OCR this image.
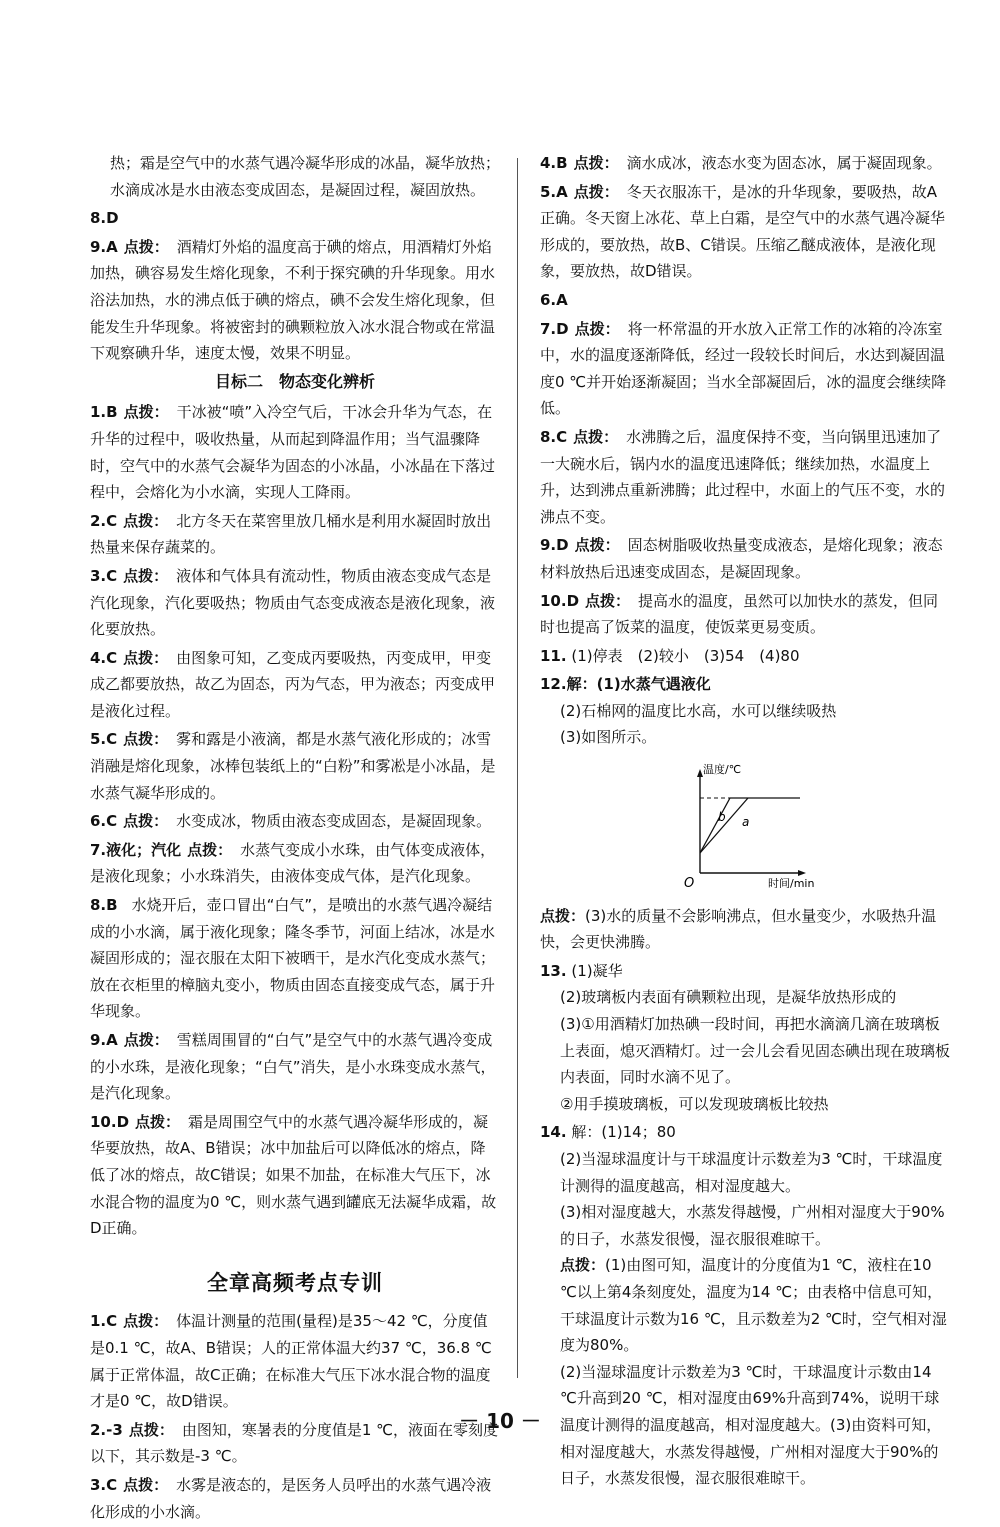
热；霜是空气中的水蒸气遇冷凝华形成的冰晶，凝华放热；水滴成冰是水由液态变成固态，是凝固过程，凝固放热。
8.D
9.A 点拨： 酒精灯外焰的温度高于碘的熔点，用酒精灯外焰加热，碘容易发生熔化现象，不利于探究碘的升华现象。用水浴法加热，水的沸点低于碘的熔点，碘不会发生熔化现象，但能发生升华现象。将被密封的碘颗粒放入冰水混合物或在常温下观察碘升华，速度太慢，效果不明显。
目标二　物态变化辨析
1.B 点拨： 干冰被“喷”入冷空气后，干冰会升华为气态，在升华的过程中，吸收热量，从而起到降温作用；当气温骤降时，空气中的水蒸气会凝华为固态的小冰晶，小冰晶在下落过程中，会熔化为小水滴，实现人工降雨。
2.C 点拨： 北方冬天在菜窖里放几桶水是利用水凝固时放出热量来保存蔬菜的。
3.C 点拨： 液体和气体具有流动性，物质由液态变成气态是汽化现象，汽化要吸热；物质由气态变成液态是液化现象，液化要放热。
4.C 点拨： 由图象可知，乙变成丙要吸热，丙变成甲，甲变成乙都要放热，故乙为固态，丙为气态，甲为液态；丙变成甲是液化过程。
5.C 点拨： 雾和露是小液滴，都是水蒸气液化形成的；冰雪消融是熔化现象，冰棒包装纸上的“白粉”和雾凇是小冰晶，是水蒸气凝华形成的。
6.C 点拨： 水变成冰，物质由液态变成固态，是凝固现象。
7.液化；汽化 点拨： 水蒸气变成小水珠，由气体变成液体，是液化现象；小水珠消失，由液体变成气体，是汽化现象。
8.B 水烧开后，壶口冒出“白气”，是喷出的水蒸气遇冷凝结成的小水滴，属于液化现象；隆冬季节，河面上结冰，冰是水凝固形成的；湿衣服在太阳下被晒干，是水汽化变成水蒸气；放在衣柜里的樟脑丸变小，物质由固态直接变成气态，属于升华现象。
9.A 点拨： 雪糕周围冒的“白气”是空气中的水蒸气遇冷变成的小水珠，是液化现象；“白气”消失，是小水珠变成水蒸气，是汽化现象。
10.D 点拨： 霜是周围空气中的水蒸气遇冷凝华形成的，凝华要放热，故A、B错误；冰中加盐后可以降低冰的熔点，降低了冰的熔点，故C错误；如果不加盐，在标准大气压下，冰水混合物的温度为0 ℃，则水蒸气遇到罐底无法凝华成霜，故D正确。
全章高频考点专训
1.C 点拨： 体温计测量的范围(量程)是35～42 ℃，分度值是0.1 ℃，故A、B错误；人的正常体温大约37 ℃，36.8 ℃属于正常体温，故C正确；在标准大气压下冰水混合物的温度才是0 ℃，故D错误。
2.-3 点拨： 由图知，寒暑表的分度值是1 ℃，液面在零刻度以下，其示数是-3 ℃。
3.C 点拨： 水雾是液态的，是医务人员呼出的水蒸气遇冷液化形成的小水滴。
4.B 点拨： 滴水成冰，液态水变为固态冰，属于凝固现象。
5.A 点拨： 冬天衣服冻干，是冰的升华现象，要吸热，故A正确。冬天窗上冰花、草上白霜，是空气中的水蒸气遇冷凝华形成的，要放热，故B、C错误。压缩乙醚成液体，是液化现象，要放热，故D错误。
6.A
7.D 点拨： 将一杯常温的开水放入正常工作的冰箱的冷冻室中，水的温度逐渐降低，经过一段较长时间后，水达到凝固温度0 ℃并开始逐渐凝固；当水全部凝固后，冰的温度会继续降低。
8.C 点拨： 水沸腾之后，温度保持不变，当向锅里迅速加了一大碗水后，锅内水的温度迅速降低；继续加热，水温度上升，达到沸点重新沸腾；此过程中，水面上的气压不变，水的沸点不变。
9.D 点拨： 固态树脂吸收热量变成液态，是熔化现象；液态材料放热后迅速变成固态，是凝固现象。
10.D 点拨： 提高水的温度，虽然可以加快水的蒸发，但同时也提高了饭菜的温度，使饭菜更易变质。
11. (1)停表　(2)较小　(3)54　(4)80
12.解：(1)水蒸气遇液化
(2)石棉网的温度比水高，水可以继续吸热
(3)如图所示。
温度/℃
时间/min
O
b a
点拨：(3)水的质量不会影响沸点，但水量变少，水吸热升温快，会更快沸腾。
13. (1)凝华
(2)玻璃板内表面有碘颗粒出现，是凝华放热形成的
(3)①用酒精灯加热碘一段时间，再把水滴滴几滴在玻璃板上表面，熄灭酒精灯。过一会儿会看见固态碘出现在玻璃板内表面，同时水滴不见了。
②用手摸玻璃板，可以发现玻璃板比较热
14. 解：(1)14；80
(2)当湿球温度计与干球温度计示数差为3 ℃时，干球温度计测得的温度越高，相对湿度越大。
(3)相对湿度越大，水蒸发得越慢，广州相对湿度大于90%的日子，水蒸发很慢，湿衣服很难晾干。
点拨：(1)由图可知，温度计的分度值为1 ℃，液柱在10 ℃以上第4条刻度处，温度为14 ℃；由表格中信息可知，干球温度计示数为16 ℃，且示数差为2 ℃时，空气相对湿度为80%。
(2)当湿球温度计示数差为3 ℃时，干球温度计示数由14 ℃升高到20 ℃，相对湿度由69%升高到74%，说明干球温度计测得的温度越高，相对湿度越大。(3)由资料可知，相对湿度越大，水蒸发得越慢，广州相对湿度大于90%的日子，水蒸发很慢，湿衣服很难晾干。
－ 10 －
